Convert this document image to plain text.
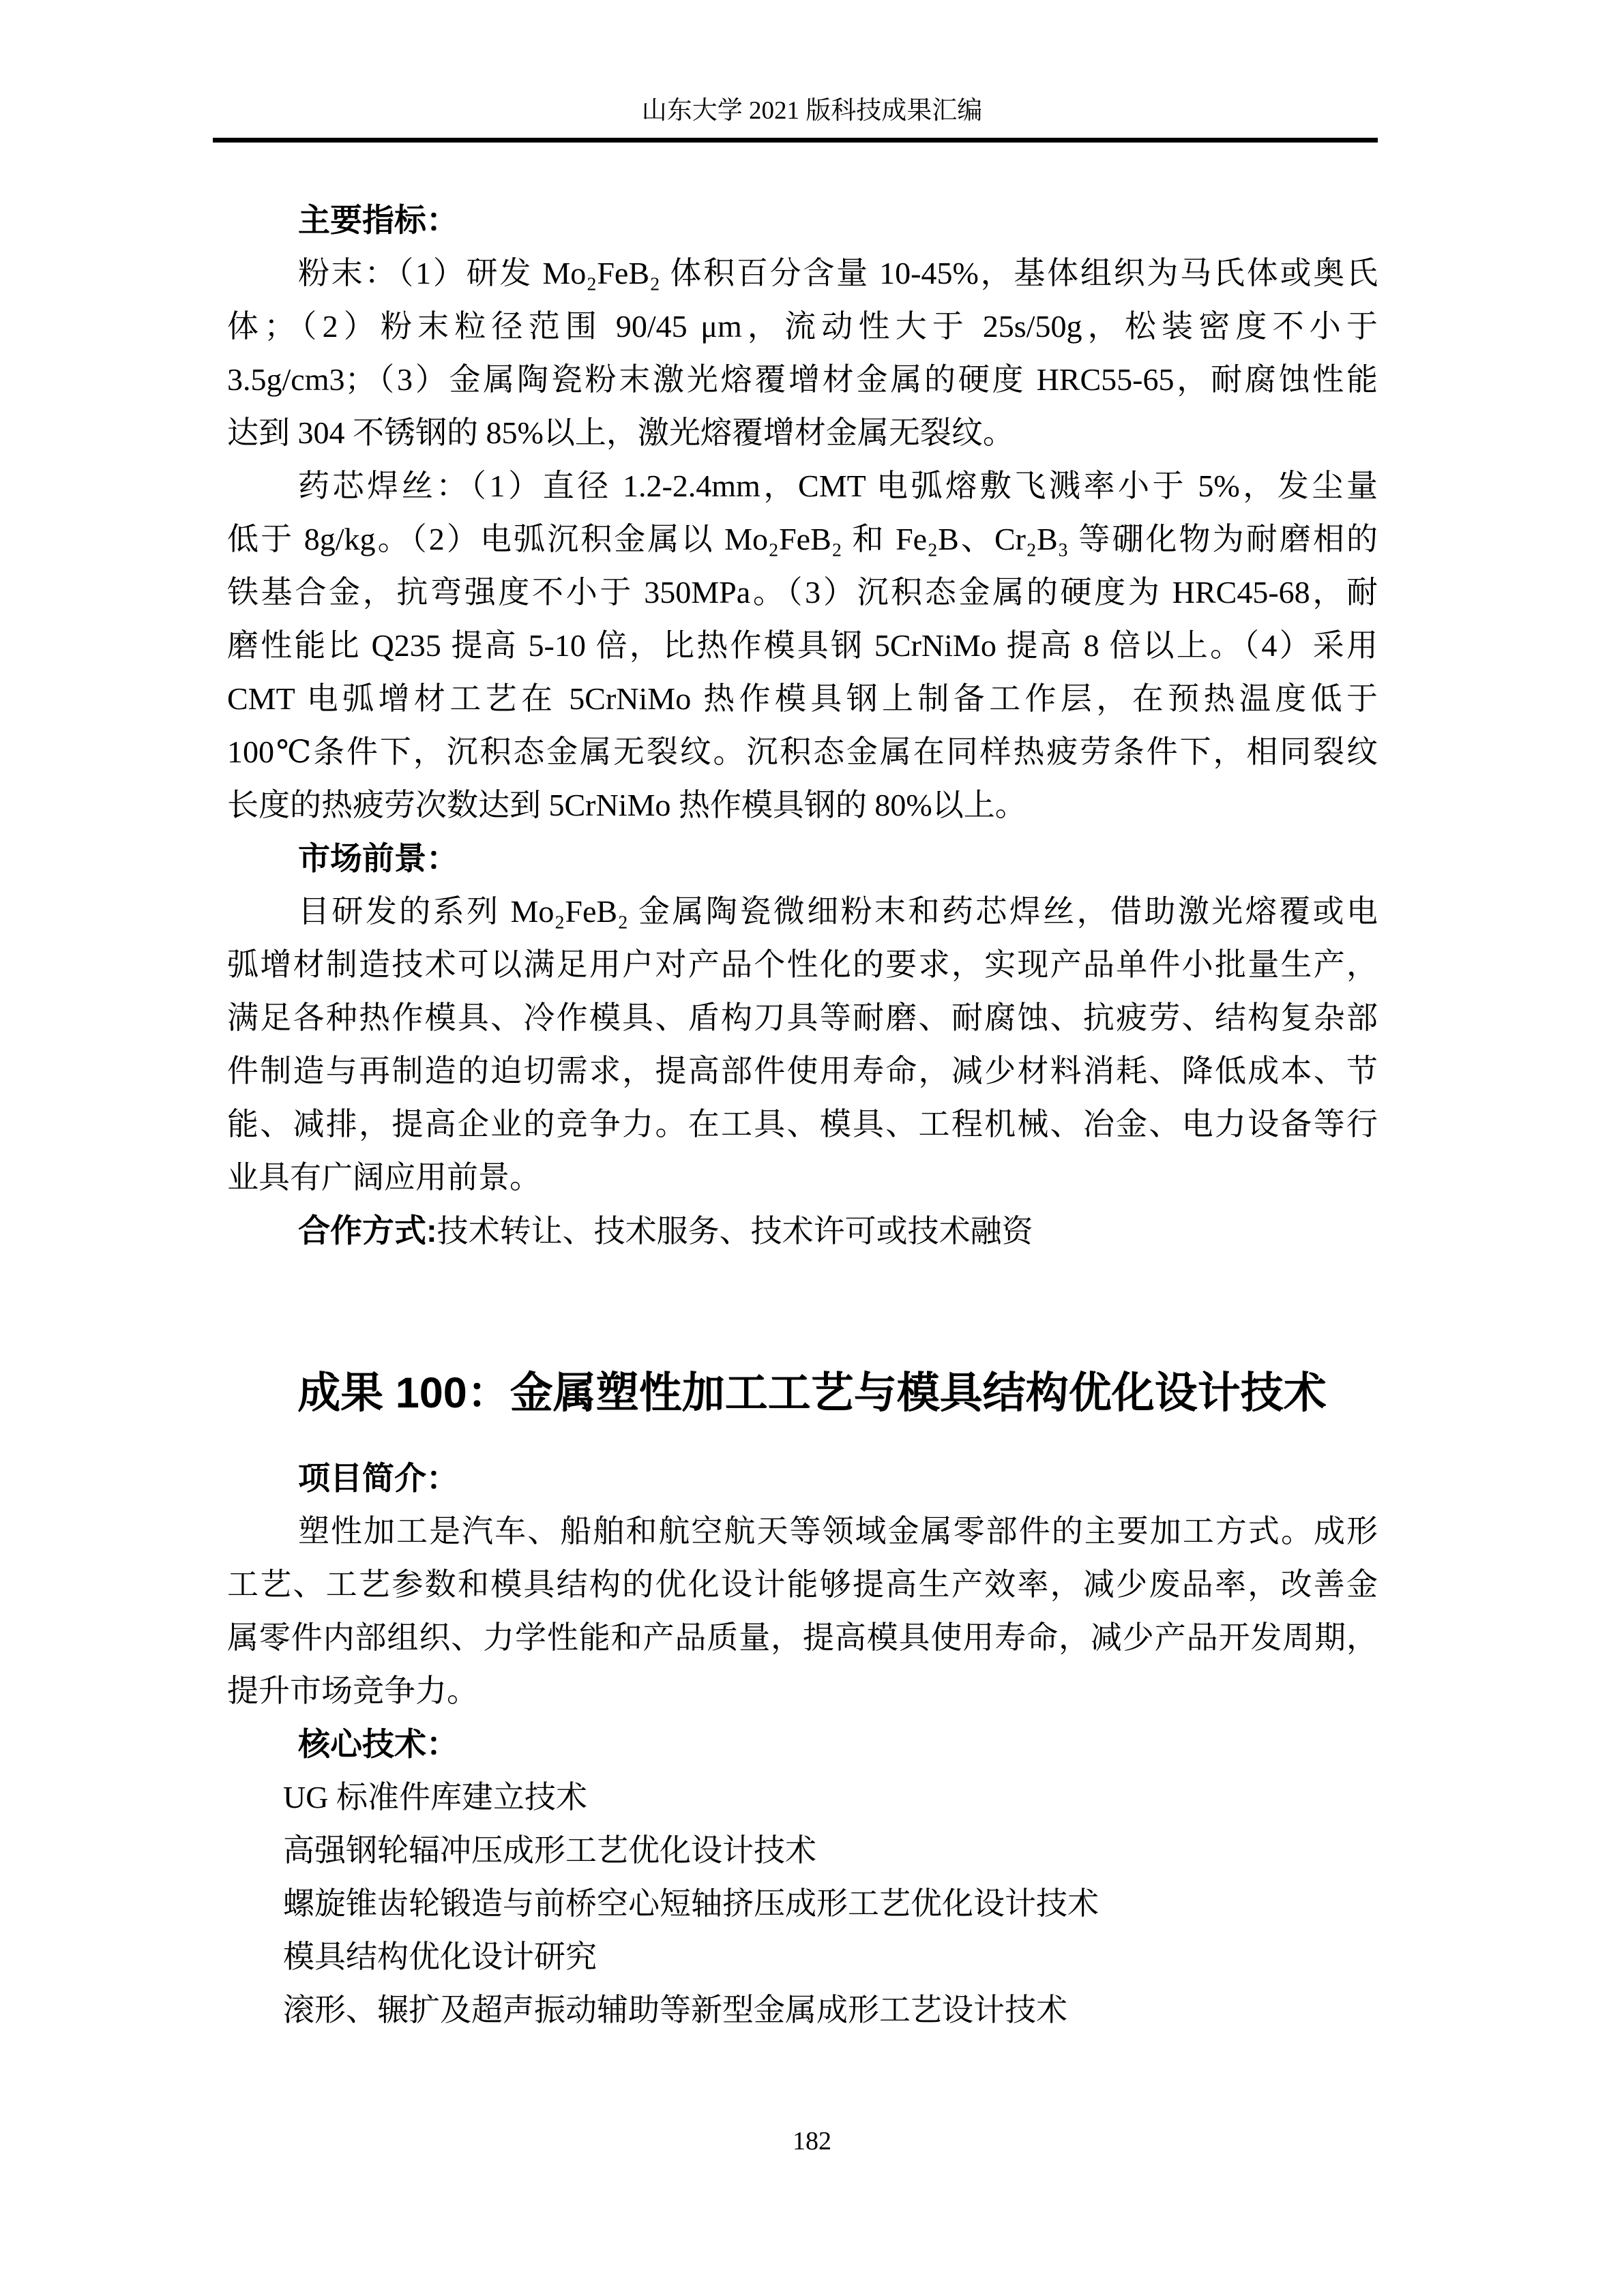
山东大学 2021 版科技成果汇编
主要指标：
粉末：（1）研发 Mo₂FeB₂ 体积百分含量 10-45%，基体组织为马氏体或奥氏
体；（2）粉末粒径范围 90/45 μm，流动性大于 25s/50g，松装密度不小于
3.5g/cm3；（3）金属陶瓷粉末激光熔覆增材金属的硬度 HRC55-65，耐腐蚀性能
达到 304 不锈钢的 85%以上，激光熔覆增材金属无裂纹。
药芯焊丝：（1）直径 1.2-2.4mm，CMT 电弧熔敷飞溅率小于 5%，发尘量
低于 8g/kg。（2）电弧沉积金属以 Mo₂FeB₂ 和 Fe₂B、Cr₂B₃ 等硼化物为耐磨相的
铁基合金，抗弯强度不小于 350MPa。（3）沉积态金属的硬度为 HRC45-68，耐
磨性能比 Q235 提高 5-10 倍，比热作模具钢 5CrNiMo 提高 8 倍以上。（4）采用
CMT 电弧增材工艺在 5CrNiMo 热作模具钢上制备工作层，在预热温度低于
100℃条件下，沉积态金属无裂纹。沉积态金属在同样热疲劳条件下，相同裂纹
长度的热疲劳次数达到 5CrNiMo 热作模具钢的 80%以上。
市场前景：
目研发的系列 Mo₂FeB₂ 金属陶瓷微细粉末和药芯焊丝，借助激光熔覆或电
弧增材制造技术可以满足用户对产品个性化的要求，实现产品单件小批量生产，
满足各种热作模具、冷作模具、盾构刀具等耐磨、耐腐蚀、抗疲劳、结构复杂部
件制造与再制造的迫切需求，提高部件使用寿命，减少材料消耗、降低成本、节
能、减排，提高企业的竞争力。在工具、模具、工程机械、冶金、电力设备等行
业具有广阔应用前景。
合作方式:技术转让、技术服务、技术许可或技术融资
成果 100：金属塑性加工工艺与模具结构优化设计技术
项目简介：
塑性加工是汽车、船舶和航空航天等领域金属零部件的主要加工方式。成形
工艺、工艺参数和模具结构的优化设计能够提高生产效率，减少废品率，改善金
属零件内部组织、力学性能和产品质量，提高模具使用寿命，减少产品开发周期，
提升市场竞争力。
核心技术：
UG 标准件库建立技术
高强钢轮辐冲压成形工艺优化设计技术
螺旋锥齿轮锻造与前桥空心短轴挤压成形工艺优化设计技术
模具结构优化设计研究
滚形、辗扩及超声振动辅助等新型金属成形工艺设计技术
182
